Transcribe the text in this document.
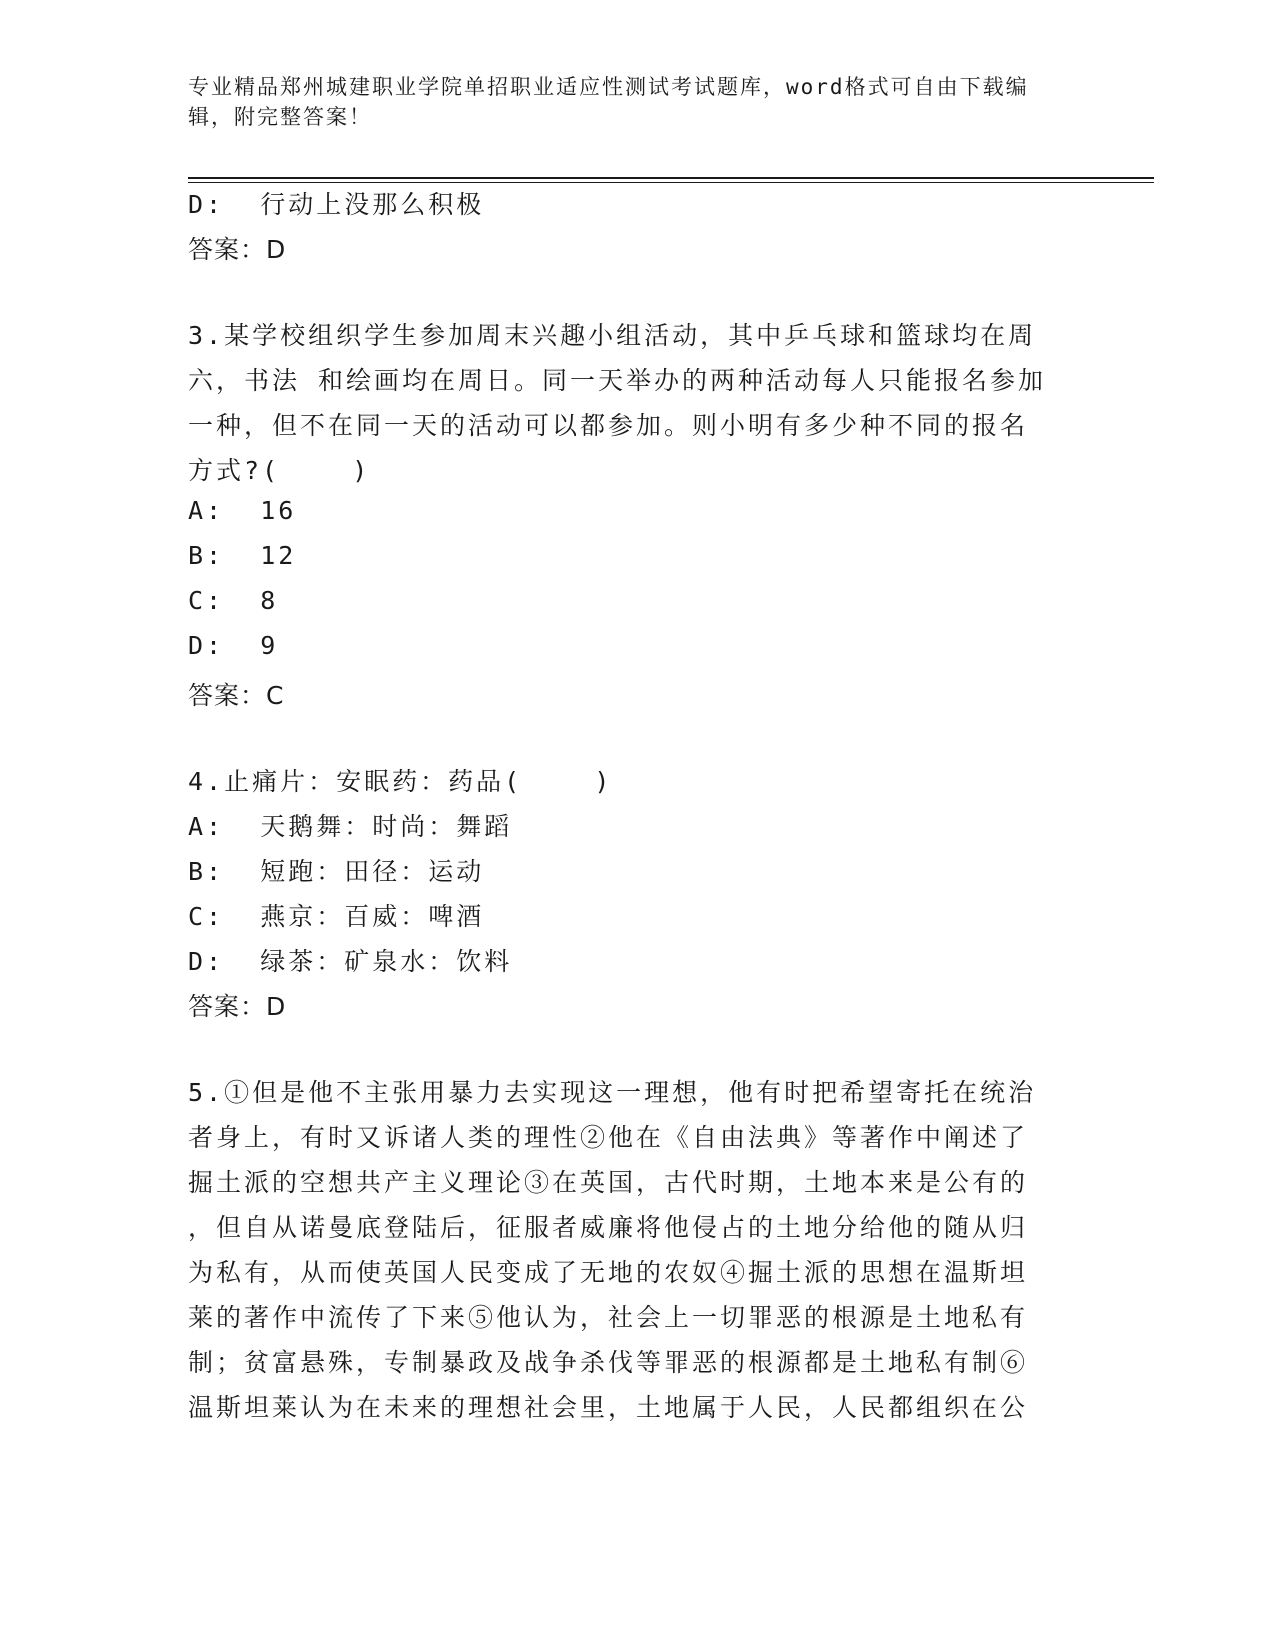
专业精品郑州城建职业学院单招职业适应性测试考试题库，word格式可自由下载编辑，附完整答案！
D:  行动上没那么积极
答案：D
3.某学校组织学生参加周末兴趣小组活动，其中乒乓球和篮球均在周
六，书法 和绘画均在周日。同一天举办的两种活动每人只能报名参加
一种，但不在同一天的活动可以都参加。则小明有多少种不同的报名
方式?(    )
A:  16
B:  12
C:  8
D:  9
答案：C
4.止痛片：安眠药：药品(    )
A:  天鹅舞：时尚：舞蹈
B:  短跑：田径：运动
C:  燕京：百威：啤酒
D:  绿茶：矿泉水：饮料
答案：D
5.①但是他不主张用暴力去实现这一理想，他有时把希望寄托在统治
者身上，有时又诉诸人类的理性②他在《自由法典》等著作中阐述了
掘土派的空想共产主义理论③在英国，古代时期，土地本来是公有的
，但自从诺曼底登陆后，征服者威廉将他侵占的土地分给他的随从归
为私有，从而使英国人民变成了无地的农奴④掘土派的思想在温斯坦
莱的著作中流传了下来⑤他认为，社会上一切罪恶的根源是土地私有
制；贫富悬殊，专制暴政及战争杀伐等罪恶的根源都是土地私有制⑥
温斯坦莱认为在未来的理想社会里，土地属于人民，人民都组织在公
